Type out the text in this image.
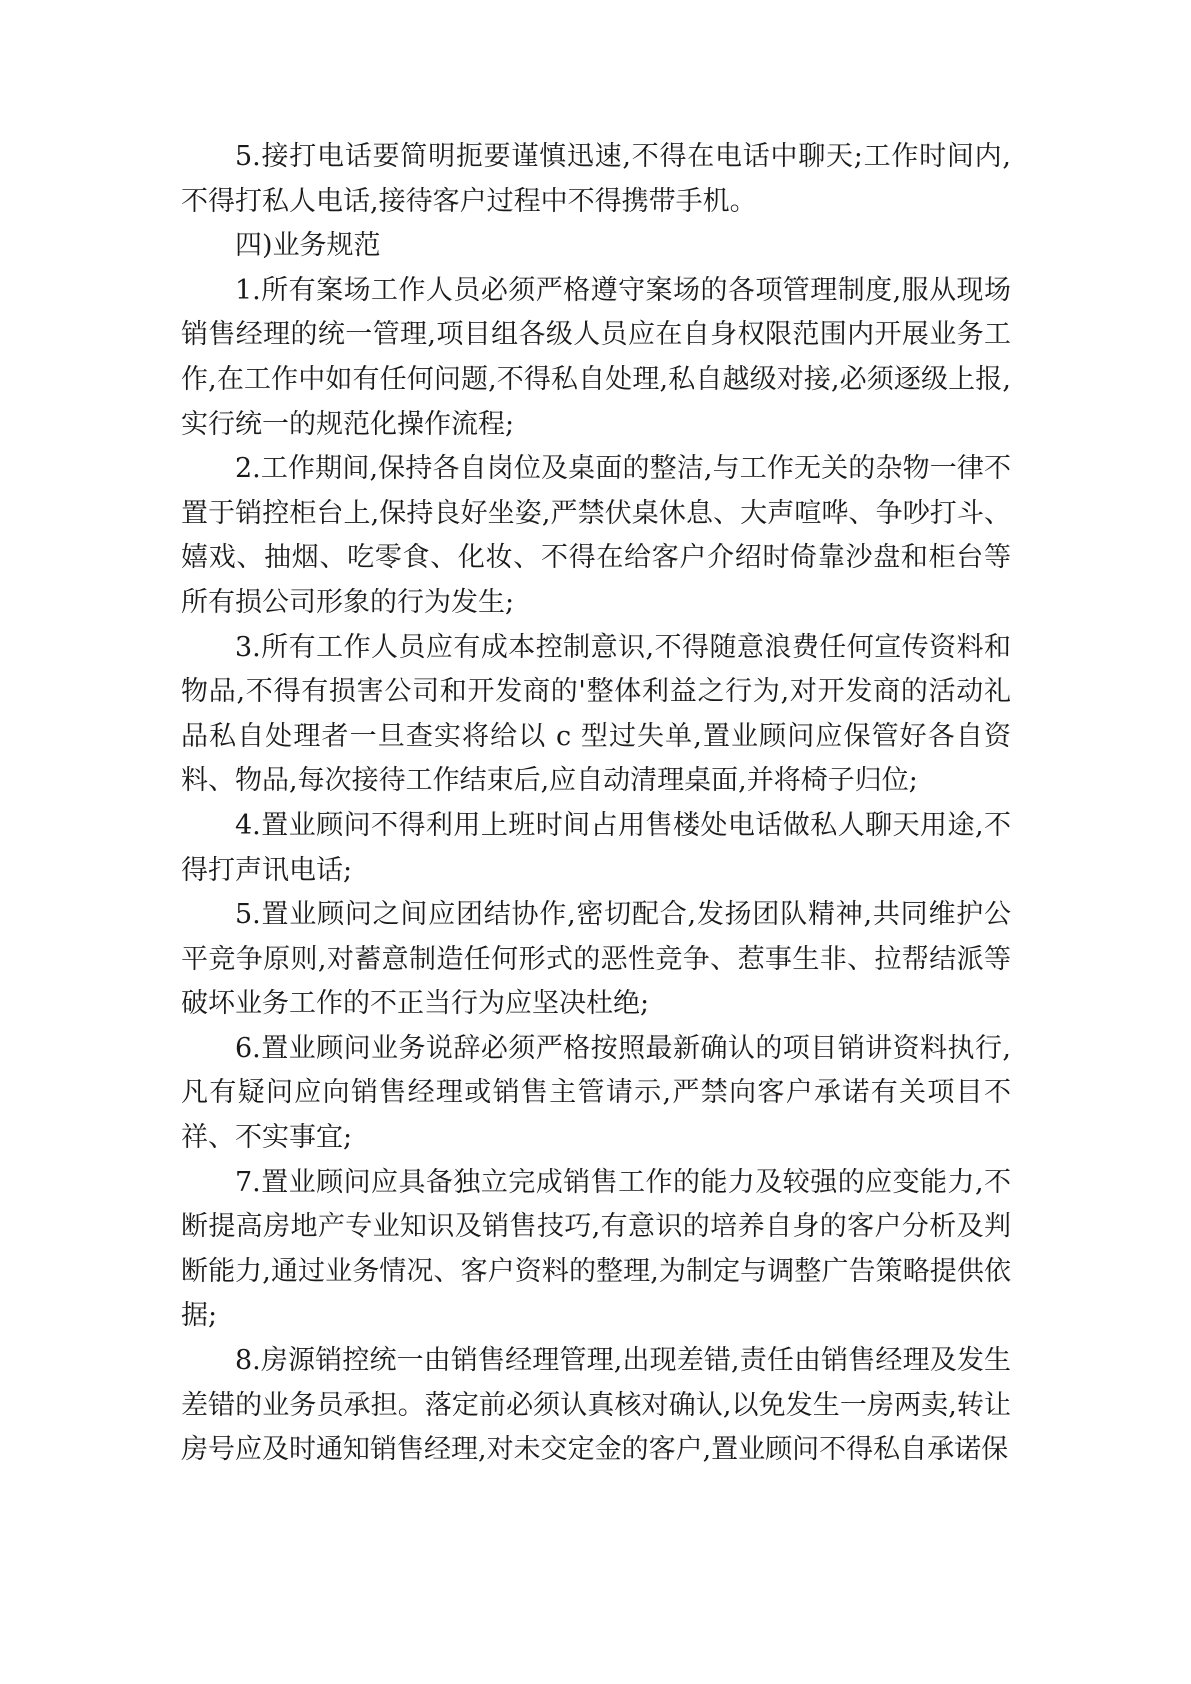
5.接打电话要简明扼要谨慎迅速,不得在电话中聊天;工作时间内,不得打私人电话,接待客户过程中不得携带手机。

四)业务规范

1.所有案场工作人员必须严格遵守案场的各项管理制度,服从现场销售经理的统一管理,项目组各级人员应在自身权限范围内开展业务工作,在工作中如有任何问题,不得私自处理,私自越级对接,必须逐级上报,实行统一的规范化操作流程;

2.工作期间,保持各自岗位及桌面的整洁,与工作无关的杂物一律不置于销控柜台上,保持良好坐姿,严禁伏桌休息、大声喧哗、争吵打斗、嬉戏、抽烟、吃零食、化妆、不得在给客户介绍时倚靠沙盘和柜台等所有损公司形象的行为发生;

3.所有工作人员应有成本控制意识,不得随意浪费任何宣传资料和物品,不得有损害公司和开发商的'整体利益之行为,对开发商的活动礼品私自处理者一旦查实将给以 c 型过失单,置业顾问应保管好各自资料、物品,每次接待工作结束后,应自动清理桌面,并将椅子归位;

4.置业顾问不得利用上班时间占用售楼处电话做私人聊天用途,不得打声讯电话;

5.置业顾问之间应团结协作,密切配合,发扬团队精神,共同维护公平竞争原则,对蓄意制造任何形式的恶性竞争、惹事生非、拉帮结派等破坏业务工作的不正当行为应坚决杜绝;

6.置业顾问业务说辞必须严格按照最新确认的项目销讲资料执行,凡有疑问应向销售经理或销售主管请示,严禁向客户承诺有关项目不祥、不实事宜;

7.置业顾问应具备独立完成销售工作的能力及较强的应变能力,不断提高房地产专业知识及销售技巧,有意识的培养自身的客户分析及判断能力,通过业务情况、客户资料的整理,为制定与调整广告策略提供依据;

8.房源销控统一由销售经理管理,出现差错,责任由销售经理及发生差错的业务员承担。落定前必须认真核对确认,以免发生一房两卖,转让房号应及时通知销售经理,对未交定金的客户,置业顾问不得私自承诺保
